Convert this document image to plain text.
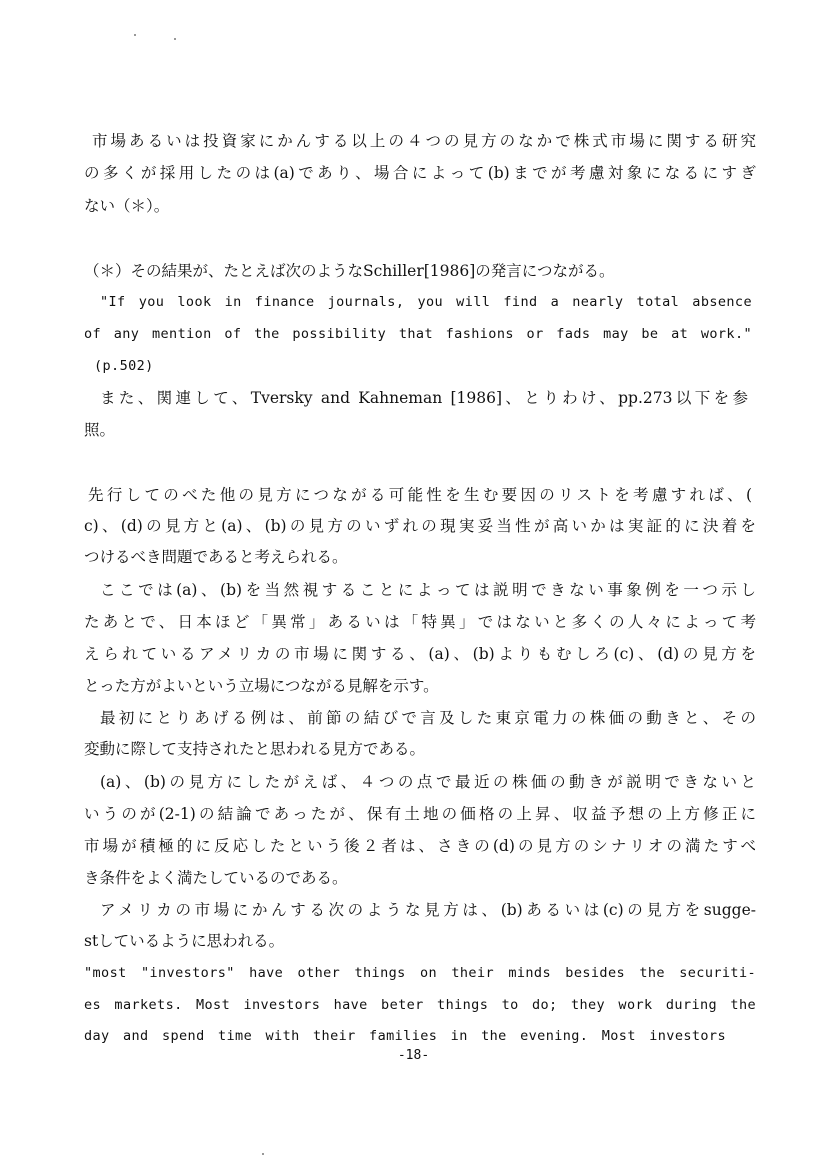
市場あるいは投資家にかんする以上の４つの見方のなかで株式市場に関する研究
の多くが採用したのは(a)であり、場合によって(b)までが考慮対象になるにすぎ
ない（＊）。
（＊）その結果が、たとえば次のようなSchiller[1986]の発言につながる。
"If you look in finance journals, you will find a nearly total absence
of any mention of the possibility that fashions or fads may be at work."
(p.502)
また、関連して、Tversky and Kahneman [1986]、とりわけ、pp.273以下を参
照。
先行してのべた他の見方につながる可能性を生む要因のリストを考慮すれば、(
c)、(d)の見方と(a)、(b)の見方のいずれの現実妥当性が高いかは実証的に決着を
つけるべき問題であると考えられる。
ここでは(a)、(b)を当然視することによっては説明できない事象例を一つ示し
たあとで、日本ほど「異常」あるいは「特異」ではないと多くの人々によって考
えられているアメリカの市場に関する、(a)、(b)よりもむしろ(c)、(d)の見方を
とった方がよいという立場につながる見解を示す。
最初にとりあげる例は、前節の結びで言及した東京電力の株価の動きと、その
変動に際して支持されたと思われる見方である。
(a)、(b)の見方にしたがえば、４つの点で最近の株価の動きが説明できないと
いうのが(2-1)の結論であったが、保有土地の価格の上昇、収益予想の上方修正に
市場が積極的に反応したという後２者は、さきの(d)の見方のシナリオの満たすべ
き条件をよく満たしているのである。
アメリカの市場にかんする次のような見方は、(b)あるいは(c)の見方をsugge-
stしているように思われる。
"most "investors" have other things on their minds besides the securiti-
es markets. Most investors have beter things to do; they work during the
day and spend time with their families in the evening. Most investors
-18-
